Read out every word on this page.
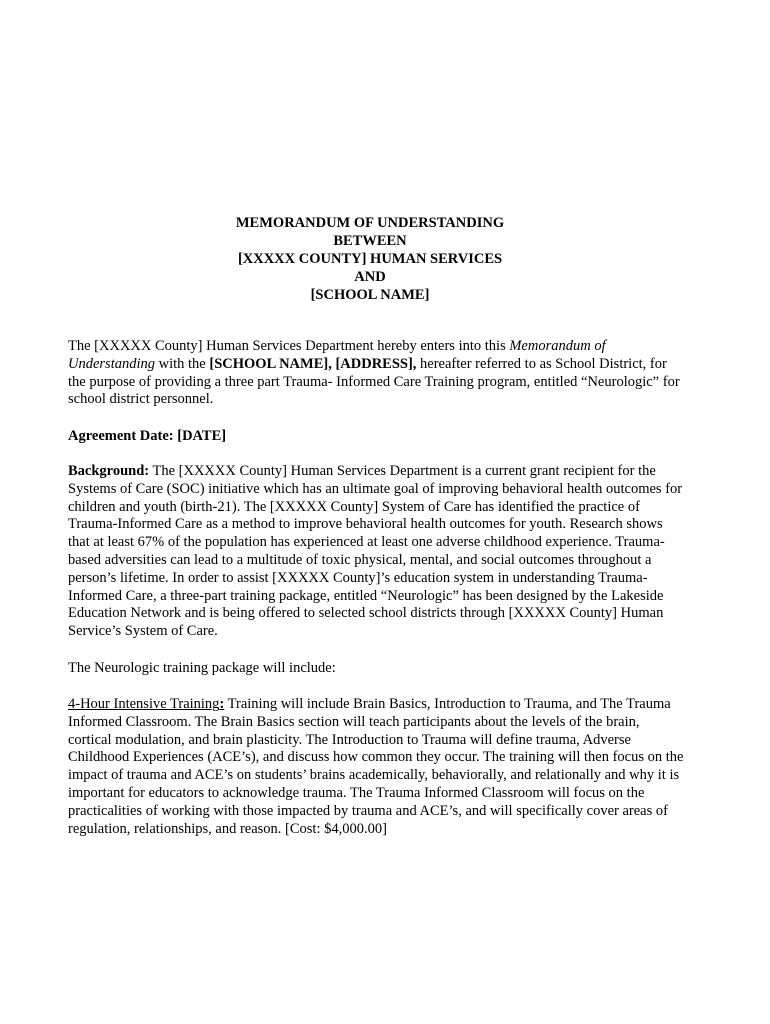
MEMORANDUM OF UNDERSTANDING
BETWEEN
[XXXXX COUNTY] HUMAN SERVICES
AND
[SCHOOL NAME]

The [XXXXX County] Human Services Department hereby enters into this Memorandum of Understanding with the [SCHOOL NAME], [ADDRESS], hereafter referred to as School District, for the purpose of providing a three part Trauma- Informed Care Training program, entitled “Neurologic” for school district personnel.

Agreement Date: [DATE]

Background: The [XXXXX County] Human Services Department is a current grant recipient for the Systems of Care (SOC) initiative which has an ultimate goal of improving behavioral health outcomes for children and youth (birth-21). The [XXXXX County] System of Care has identified the practice of Trauma-Informed Care as a method to improve behavioral health outcomes for youth. Research shows that at least 67% of the population has experienced at least one adverse childhood experience. Trauma- based adversities can lead to a multitude of toxic physical, mental, and social outcomes throughout a person’s lifetime. In order to assist [XXXXX County]’s education system in understanding Trauma-Informed Care, a three-part training package, entitled “Neurologic” has been designed by the Lakeside Education Network and is being offered to selected school districts through [XXXXX County] Human Service’s System of Care.

The Neurologic training package will include:

4-Hour Intensive Training: Training will include Brain Basics, Introduction to Trauma, and The Trauma Informed Classroom. The Brain Basics section will teach participants about the levels of the brain, cortical modulation, and brain plasticity. The Introduction to Trauma will define trauma, Adverse Childhood Experiences (ACE’s), and discuss how common they occur. The training will then focus on the impact of trauma and ACE’s on students’ brains academically, behaviorally, and relationally and why it is important for educators to acknowledge trauma. The Trauma Informed Classroom will focus on the practicalities of working with those impacted by trauma and ACE’s, and will specifically cover areas of regulation, relationships, and reason. [Cost: $4,000.00]
